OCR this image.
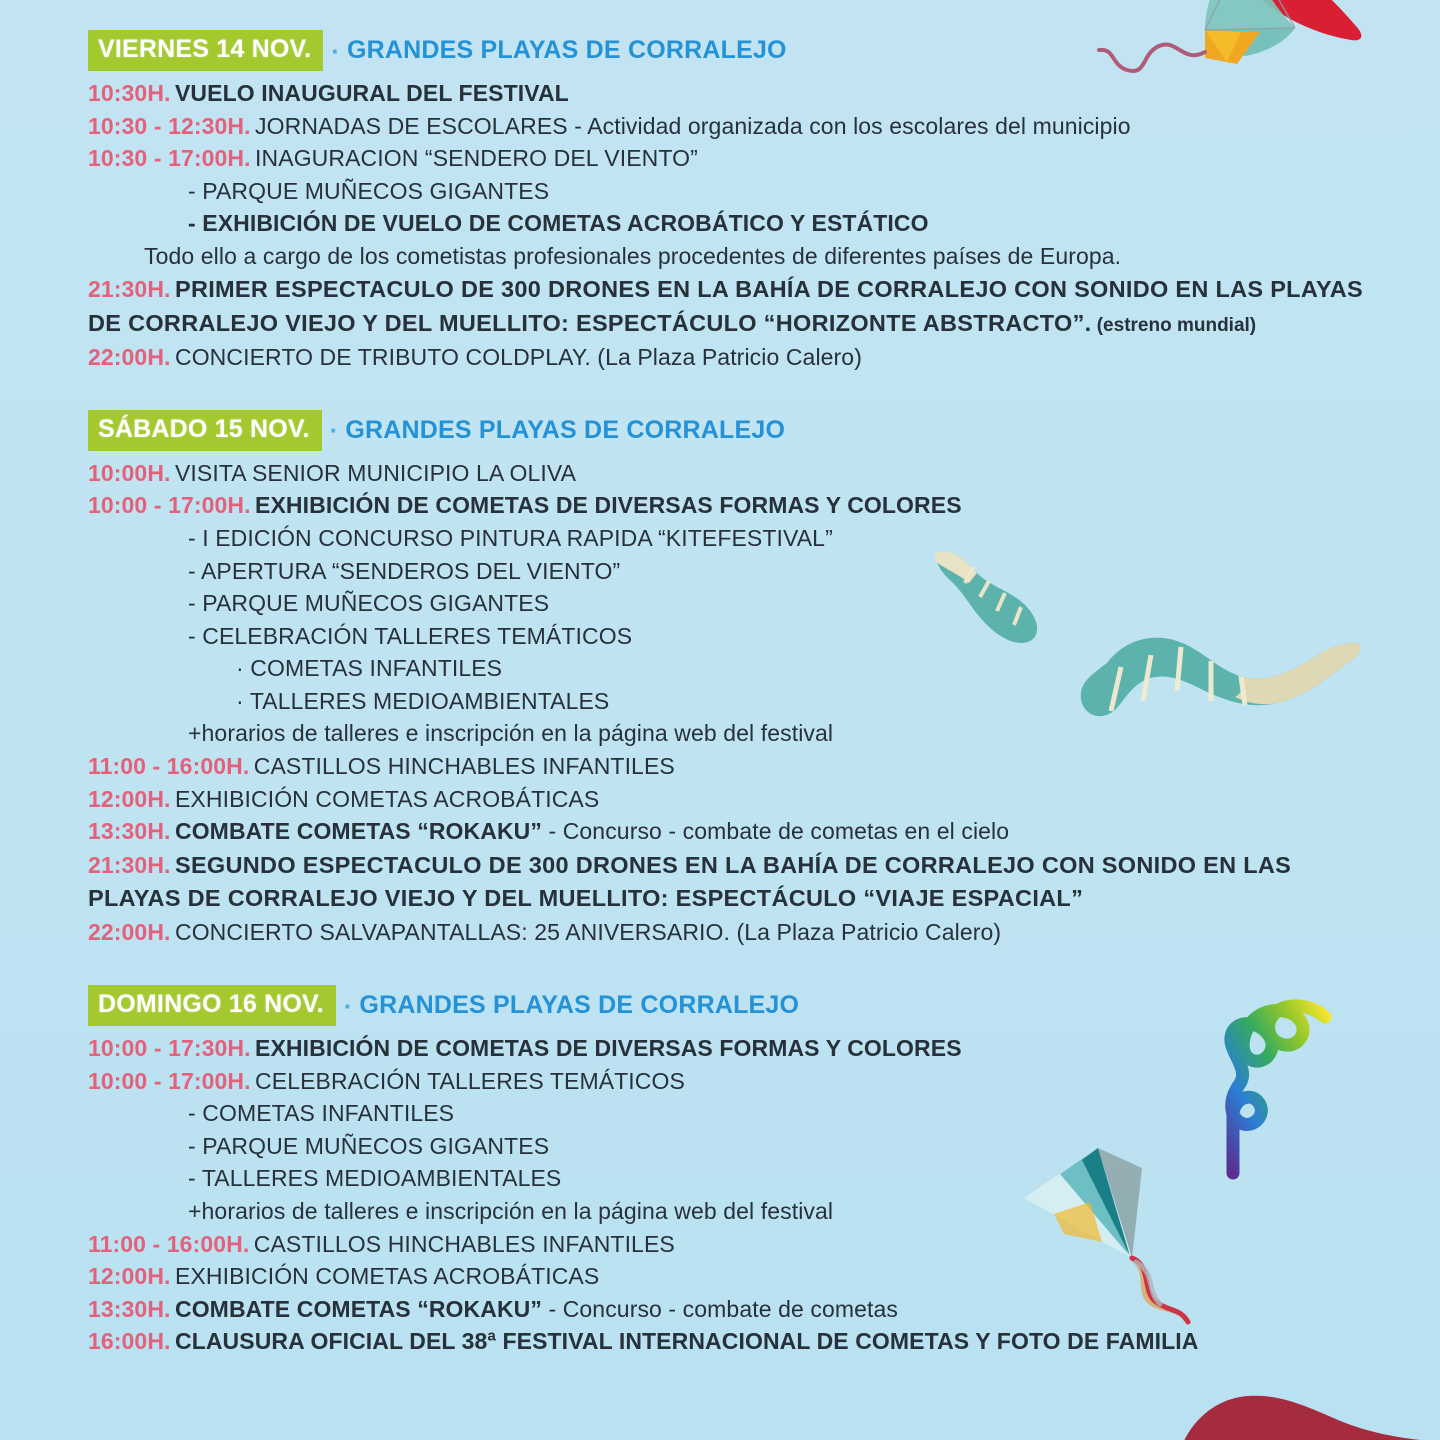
VIERNES 14 NOV. · GRANDES PLAYAS DE CORRALEJO
10:30H. VUELO INAUGURAL DEL FESTIVAL
10:30 - 12:30H. JORNADAS DE ESCOLARES - Actividad organizada con los escolares del municipio
10:30 - 17:00H. INAGURACION “SENDERO DEL VIENTO”
- PARQUE MUÑECOS GIGANTES
- EXHIBICIÓN DE VUELO DE COMETAS ACROBÁTICO Y ESTÁTICO
Todo ello a cargo de los cometistas profesionales procedentes de diferentes países de Europa.
21:30H. PRIMER ESPECTACULO DE 300 DRONES EN LA BAHÍA DE CORRALEJO CON SONIDO EN LAS PLAYAS DE CORRALEJO VIEJO Y DEL MUELLITO: ESPECTÁCULO “HORIZONTE ABSTRACTO”. (estreno mundial)
22:00H. CONCIERTO DE TRIBUTO COLDPLAY. (La Plaza Patricio Calero)
SÁBADO 15 NOV. · GRANDES PLAYAS DE CORRALEJO
10:00H. VISITA SENIOR MUNICIPIO LA OLIVA
10:00 - 17:00H. EXHIBICIÓN DE COMETAS DE DIVERSAS FORMAS Y COLORES
- I EDICIÓN CONCURSO PINTURA RAPIDA “KITEFESTIVAL”
- APERTURA “SENDEROS DEL VIENTO”
- PARQUE MUÑECOS GIGANTES
- CELEBRACIÓN TALLERES TEMÁTICOS
· COMETAS INFANTILES
· TALLERES MEDIOAMBIENTALES
+horarios de talleres e inscripción en la página web del festival
11:00 - 16:00H. CASTILLOS HINCHABLES INFANTILES
12:00H. EXHIBICIÓN COMETAS ACROBÁTICAS
13:30H. COMBATE COMETAS “ROKAKU” - Concurso - combate de cometas en el cielo
21:30H. SEGUNDO ESPECTACULO DE 300 DRONES EN LA BAHÍA DE CORRALEJO CON SONIDO EN LAS PLAYAS DE CORRALEJO VIEJO Y DEL MUELLITO: ESPECTÁCULO “VIAJE ESPACIAL”
22:00H. CONCIERTO SALVAPANTALLAS: 25 ANIVERSARIO. (La Plaza Patricio Calero)
DOMINGO 16 NOV. · GRANDES PLAYAS DE CORRALEJO
10:00 - 17:30H. EXHIBICIÓN DE COMETAS DE DIVERSAS FORMAS Y COLORES
10:00 - 17:00H. CELEBRACIÓN TALLERES TEMÁTICOS
- COMETAS INFANTILES
- PARQUE MUÑECOS GIGANTES
- TALLERES MEDIOAMBIENTALES
+horarios de talleres e inscripción en la página web del festival
11:00 - 16:00H. CASTILLOS HINCHABLES INFANTILES
12:00H. EXHIBICIÓN COMETAS ACROBÁTICAS
13:30H. COMBATE COMETAS “ROKAKU” - Concurso - combate de cometas
16:00H. CLAUSURA OFICIAL DEL 38ª FESTIVAL INTERNACIONAL DE COMETAS Y FOTO DE FAMILIA
